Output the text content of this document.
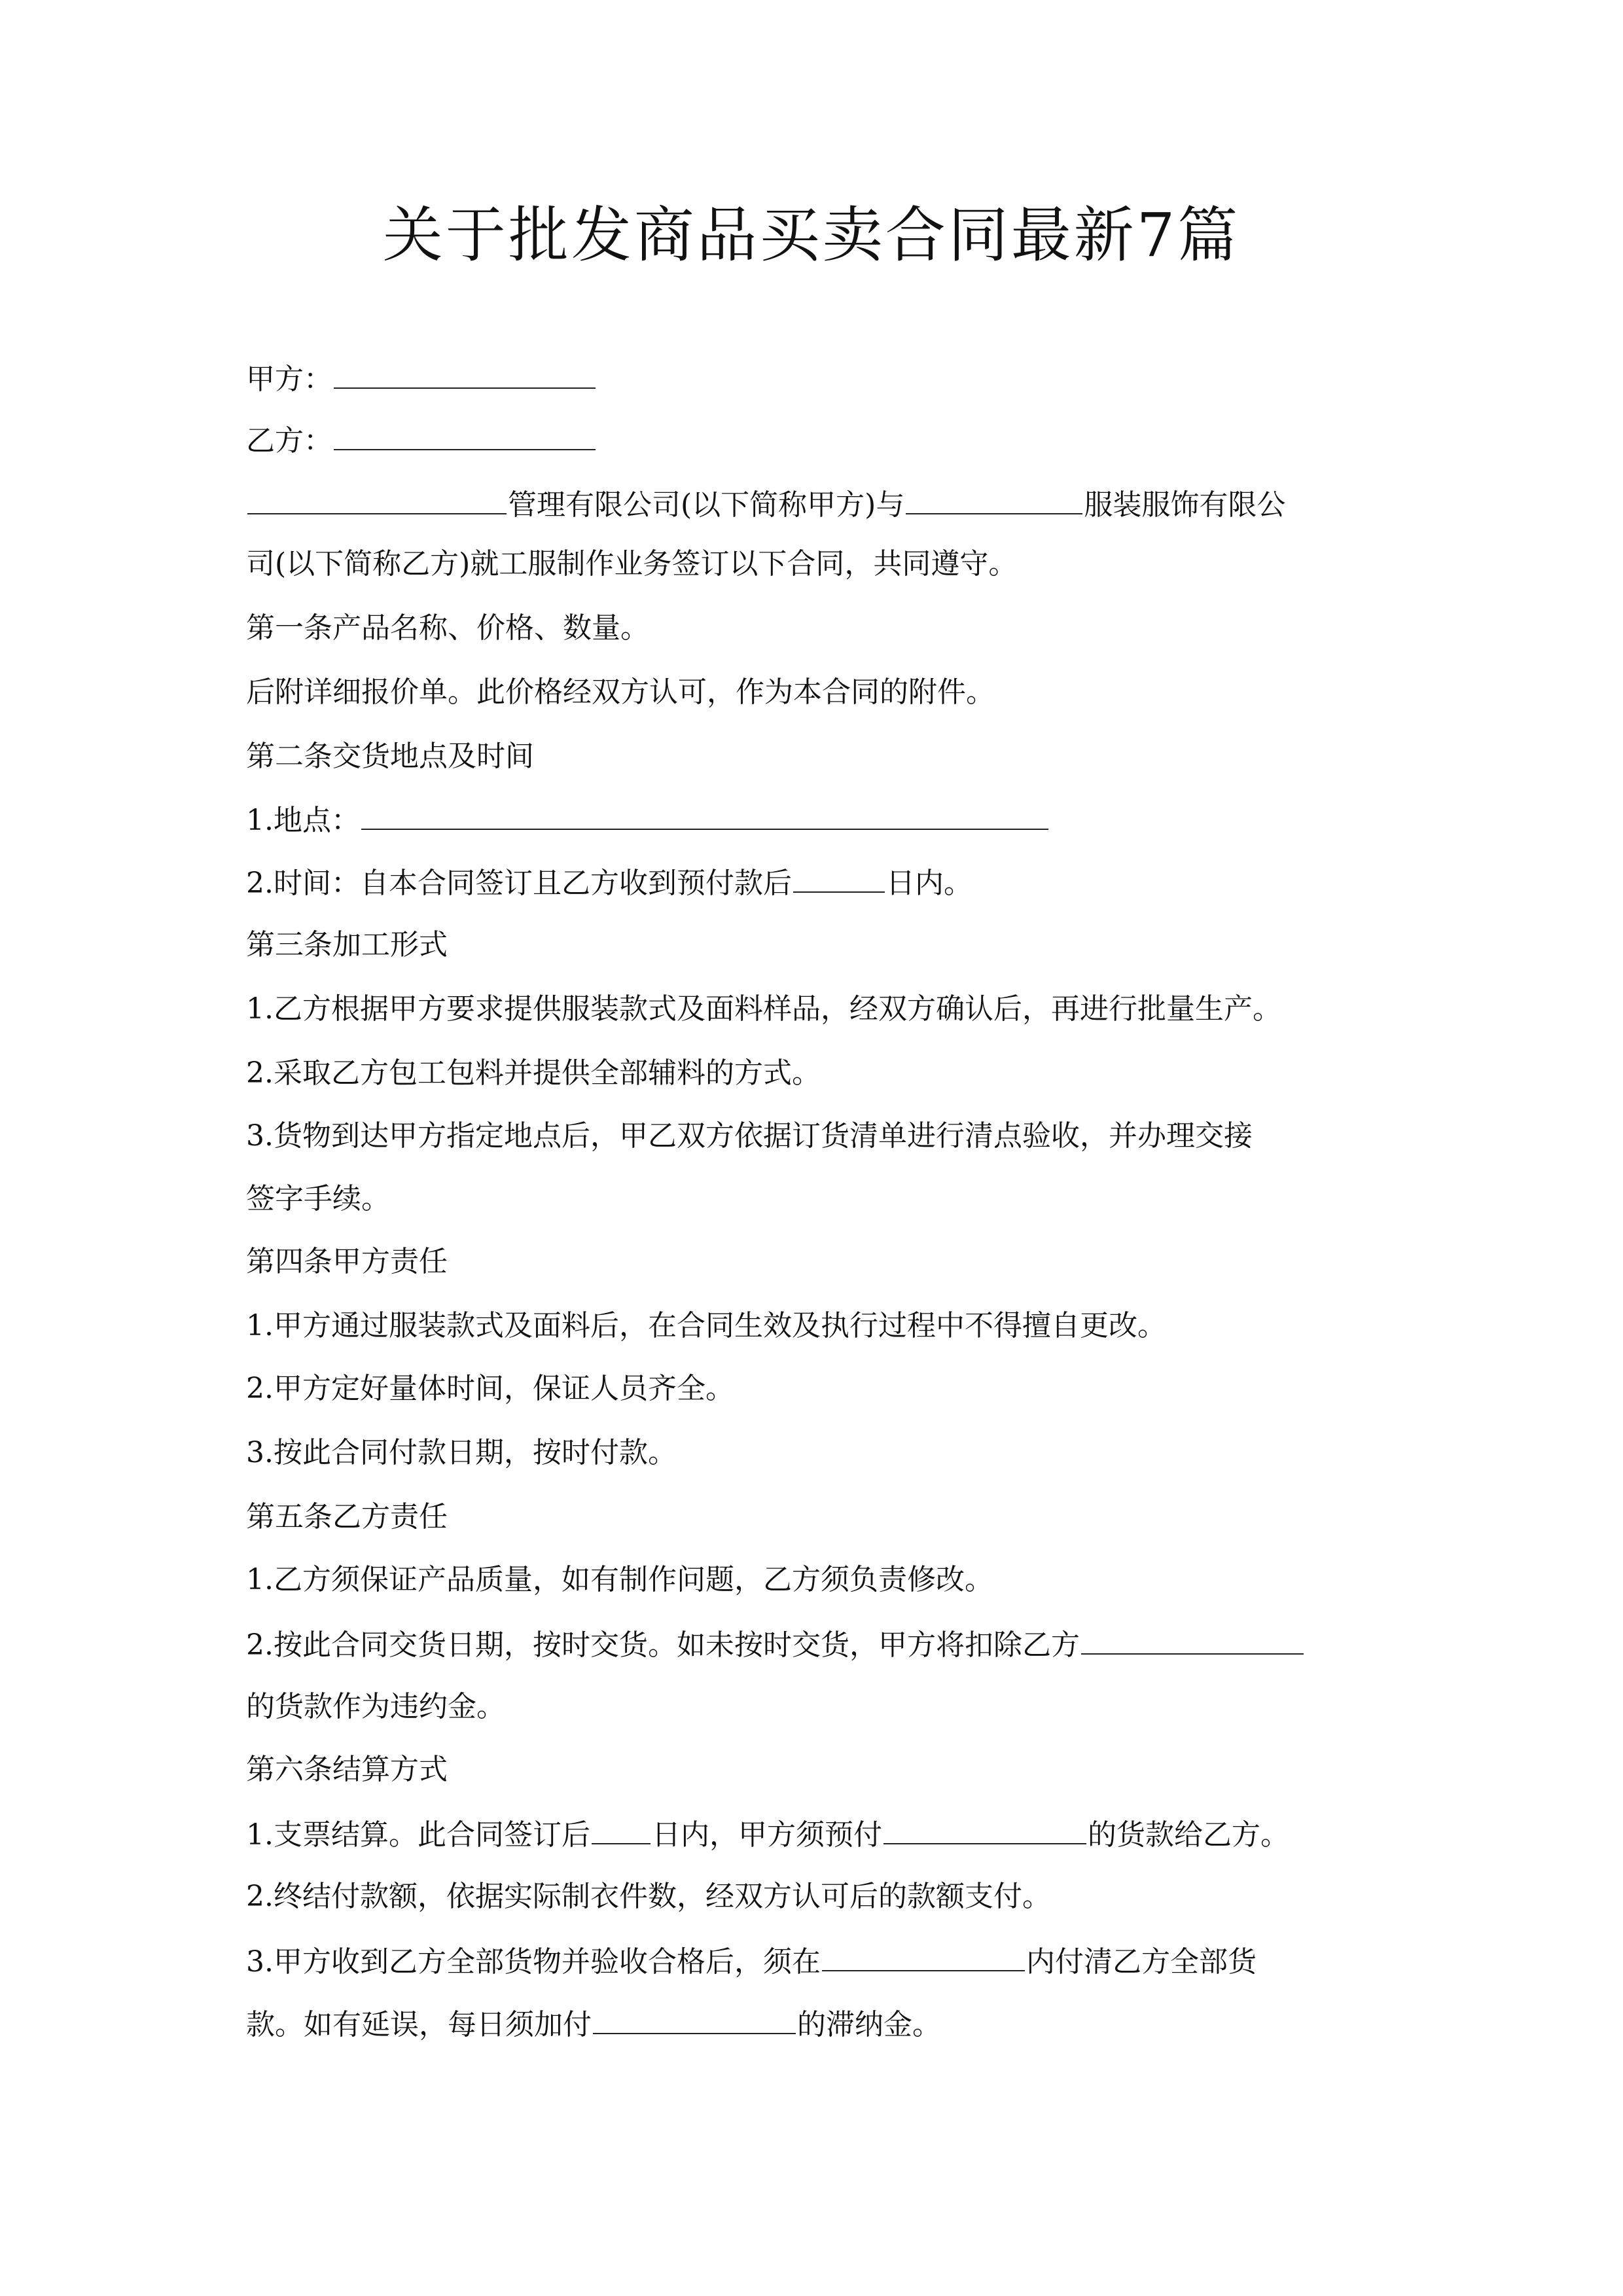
关于批发商品买卖合同最新7篇

甲方：

乙方：

管理有限公司(以下简称甲方)与	服装服饰有限公

司(以下简称乙方)就工服制作业务签订以下合同，共同遵守。

第一条产品名称、价格、数量。

后附详细报价单。此价格经双方认可，作为本合同的附件。

第二条交货地点及时间

1.地点：

2.时间：自本合同签订且乙方收到预付款后	日内。

第三条加工形式

1.乙方根据甲方要求提供服装款式及面料样品，经双方确认后，再进行批量生产。

2.采取乙方包工包料并提供全部辅料的方式。

3.货物到达甲方指定地点后，甲乙双方依据订货清单进行清点验收，并办理交接

签字手续。

第四条甲方责任

1.甲方通过服装款式及面料后，在合同生效及执行过程中不得擅自更改。

2.甲方定好量体时间，保证人员齐全。

3.按此合同付款日期，按时付款。

第五条乙方责任

1.乙方须保证产品质量，如有制作问题，乙方须负责修改。

2.按此合同交货日期，按时交货。如未按时交货，甲方将扣除乙方

的货款作为违约金。

第六条结算方式

1.支票结算。此合同签订后 日内，甲方须预付	的货款给乙方。

2.终结付款额，依据实际制衣件数，经双方认可后的款额支付。

3.甲方收到乙方全部货物并验收合格后，须在	内付清乙方全部货

款。如有延误，每日须加付	的滞纳金。
